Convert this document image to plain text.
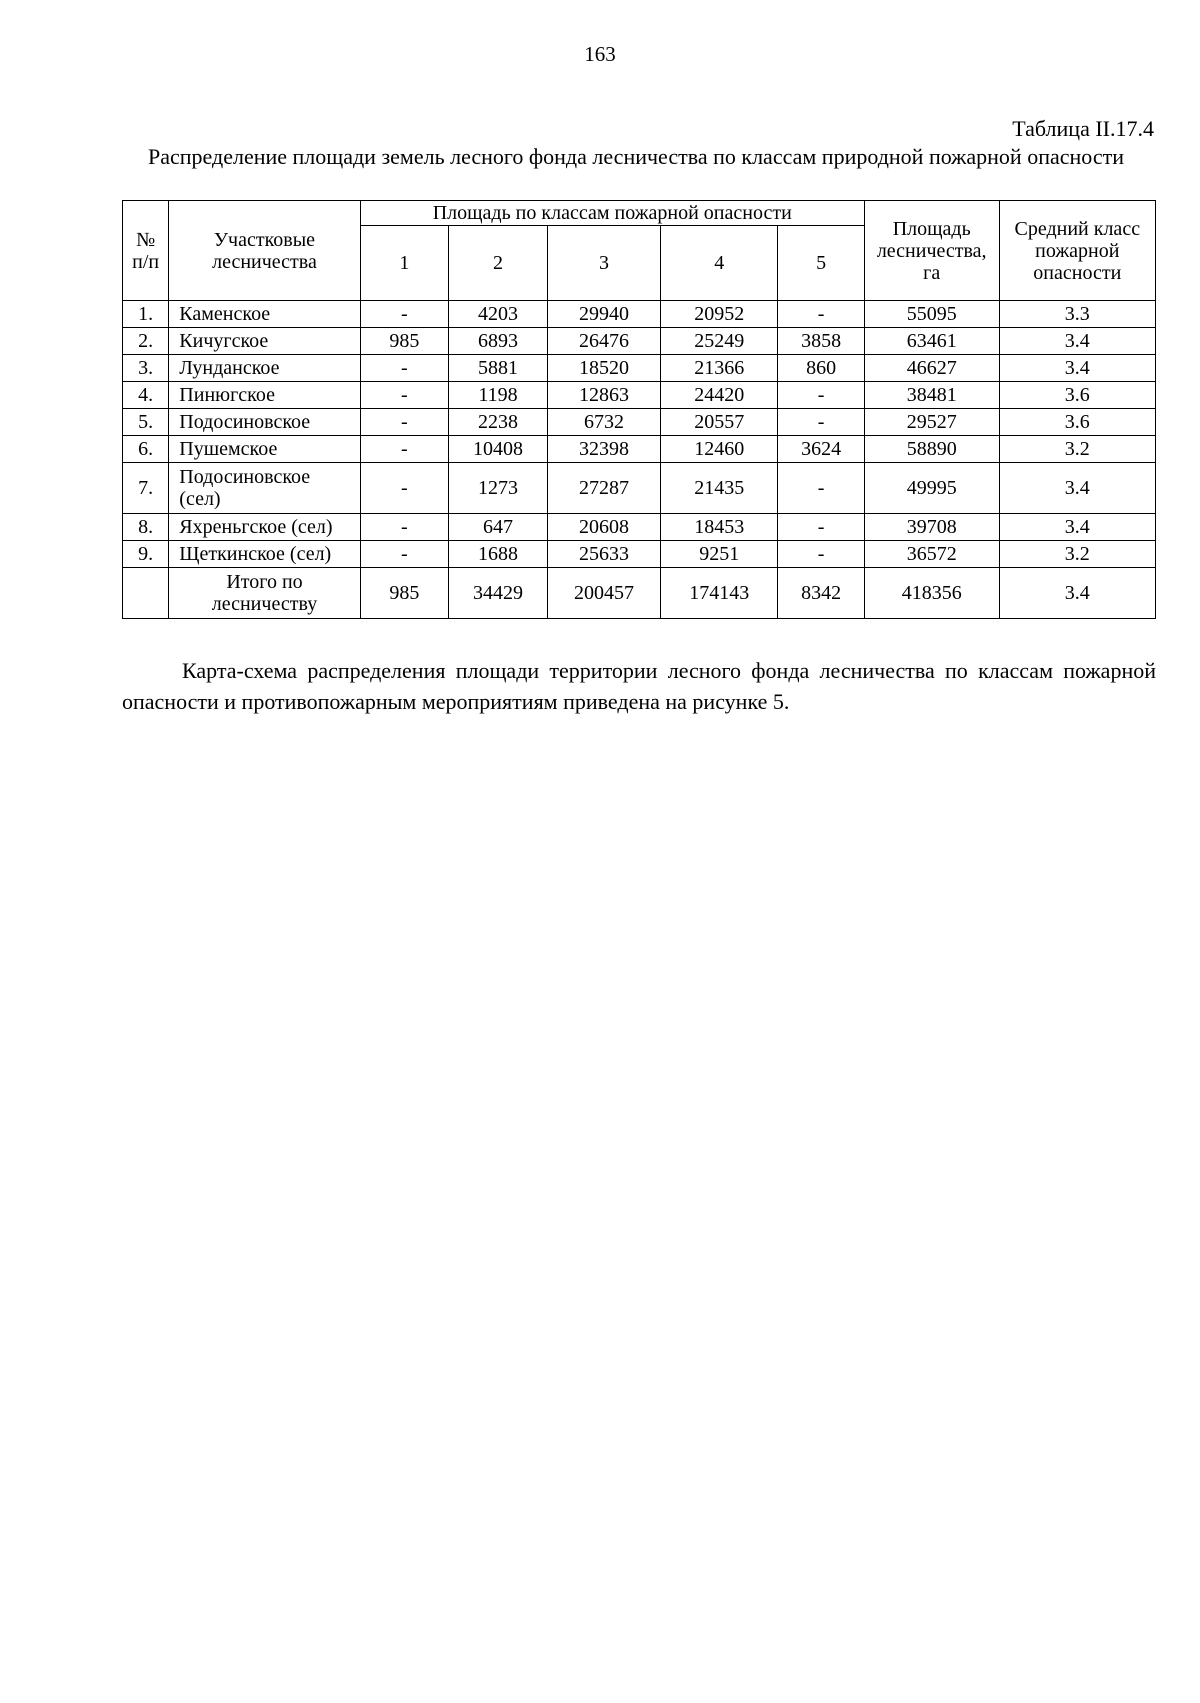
163
Таблица II.17.4
Распределение площади земель лесного фонда лесничества по классам природной пожарной опасности
№ п/п	Участковые лесничества	Площадь по классам пожарной опасности					Площадь лесничества, га	Средний класс пожарной опасности
		1	2	3	4	5		
1.	Каменское	-	4203	29940	20952	-	55095	3.3
2.	Кичугское	985	6893	26476	25249	3858	63461	3.4
3.	Лунданское	-	5881	18520	21366	860	46627	3.4
4.	Пинюгское	-	1198	12863	24420	-	38481	3.6
5.	Подосиновское	-	2238	6732	20557	-	29527	3.6
6.	Пушемское	-	10408	32398	12460	3624	58890	3.2
7.	Подосиновское (сел)	-	1273	27287	21435	-	49995	3.4
8.	Яхреньгское (сел)	-	647	20608	18453	-	39708	3.4
9.	Щеткинское (сел)	-	1688	25633	9251	-	36572	3.2
	Итого по лесничеству	985	34429	200457	174143	8342	418356	3.4
Карта-схема распределения площади территории лесного фонда лесничества по классам пожарной опасности и противопожарным мероприятиям приведена на рисунке 5.
